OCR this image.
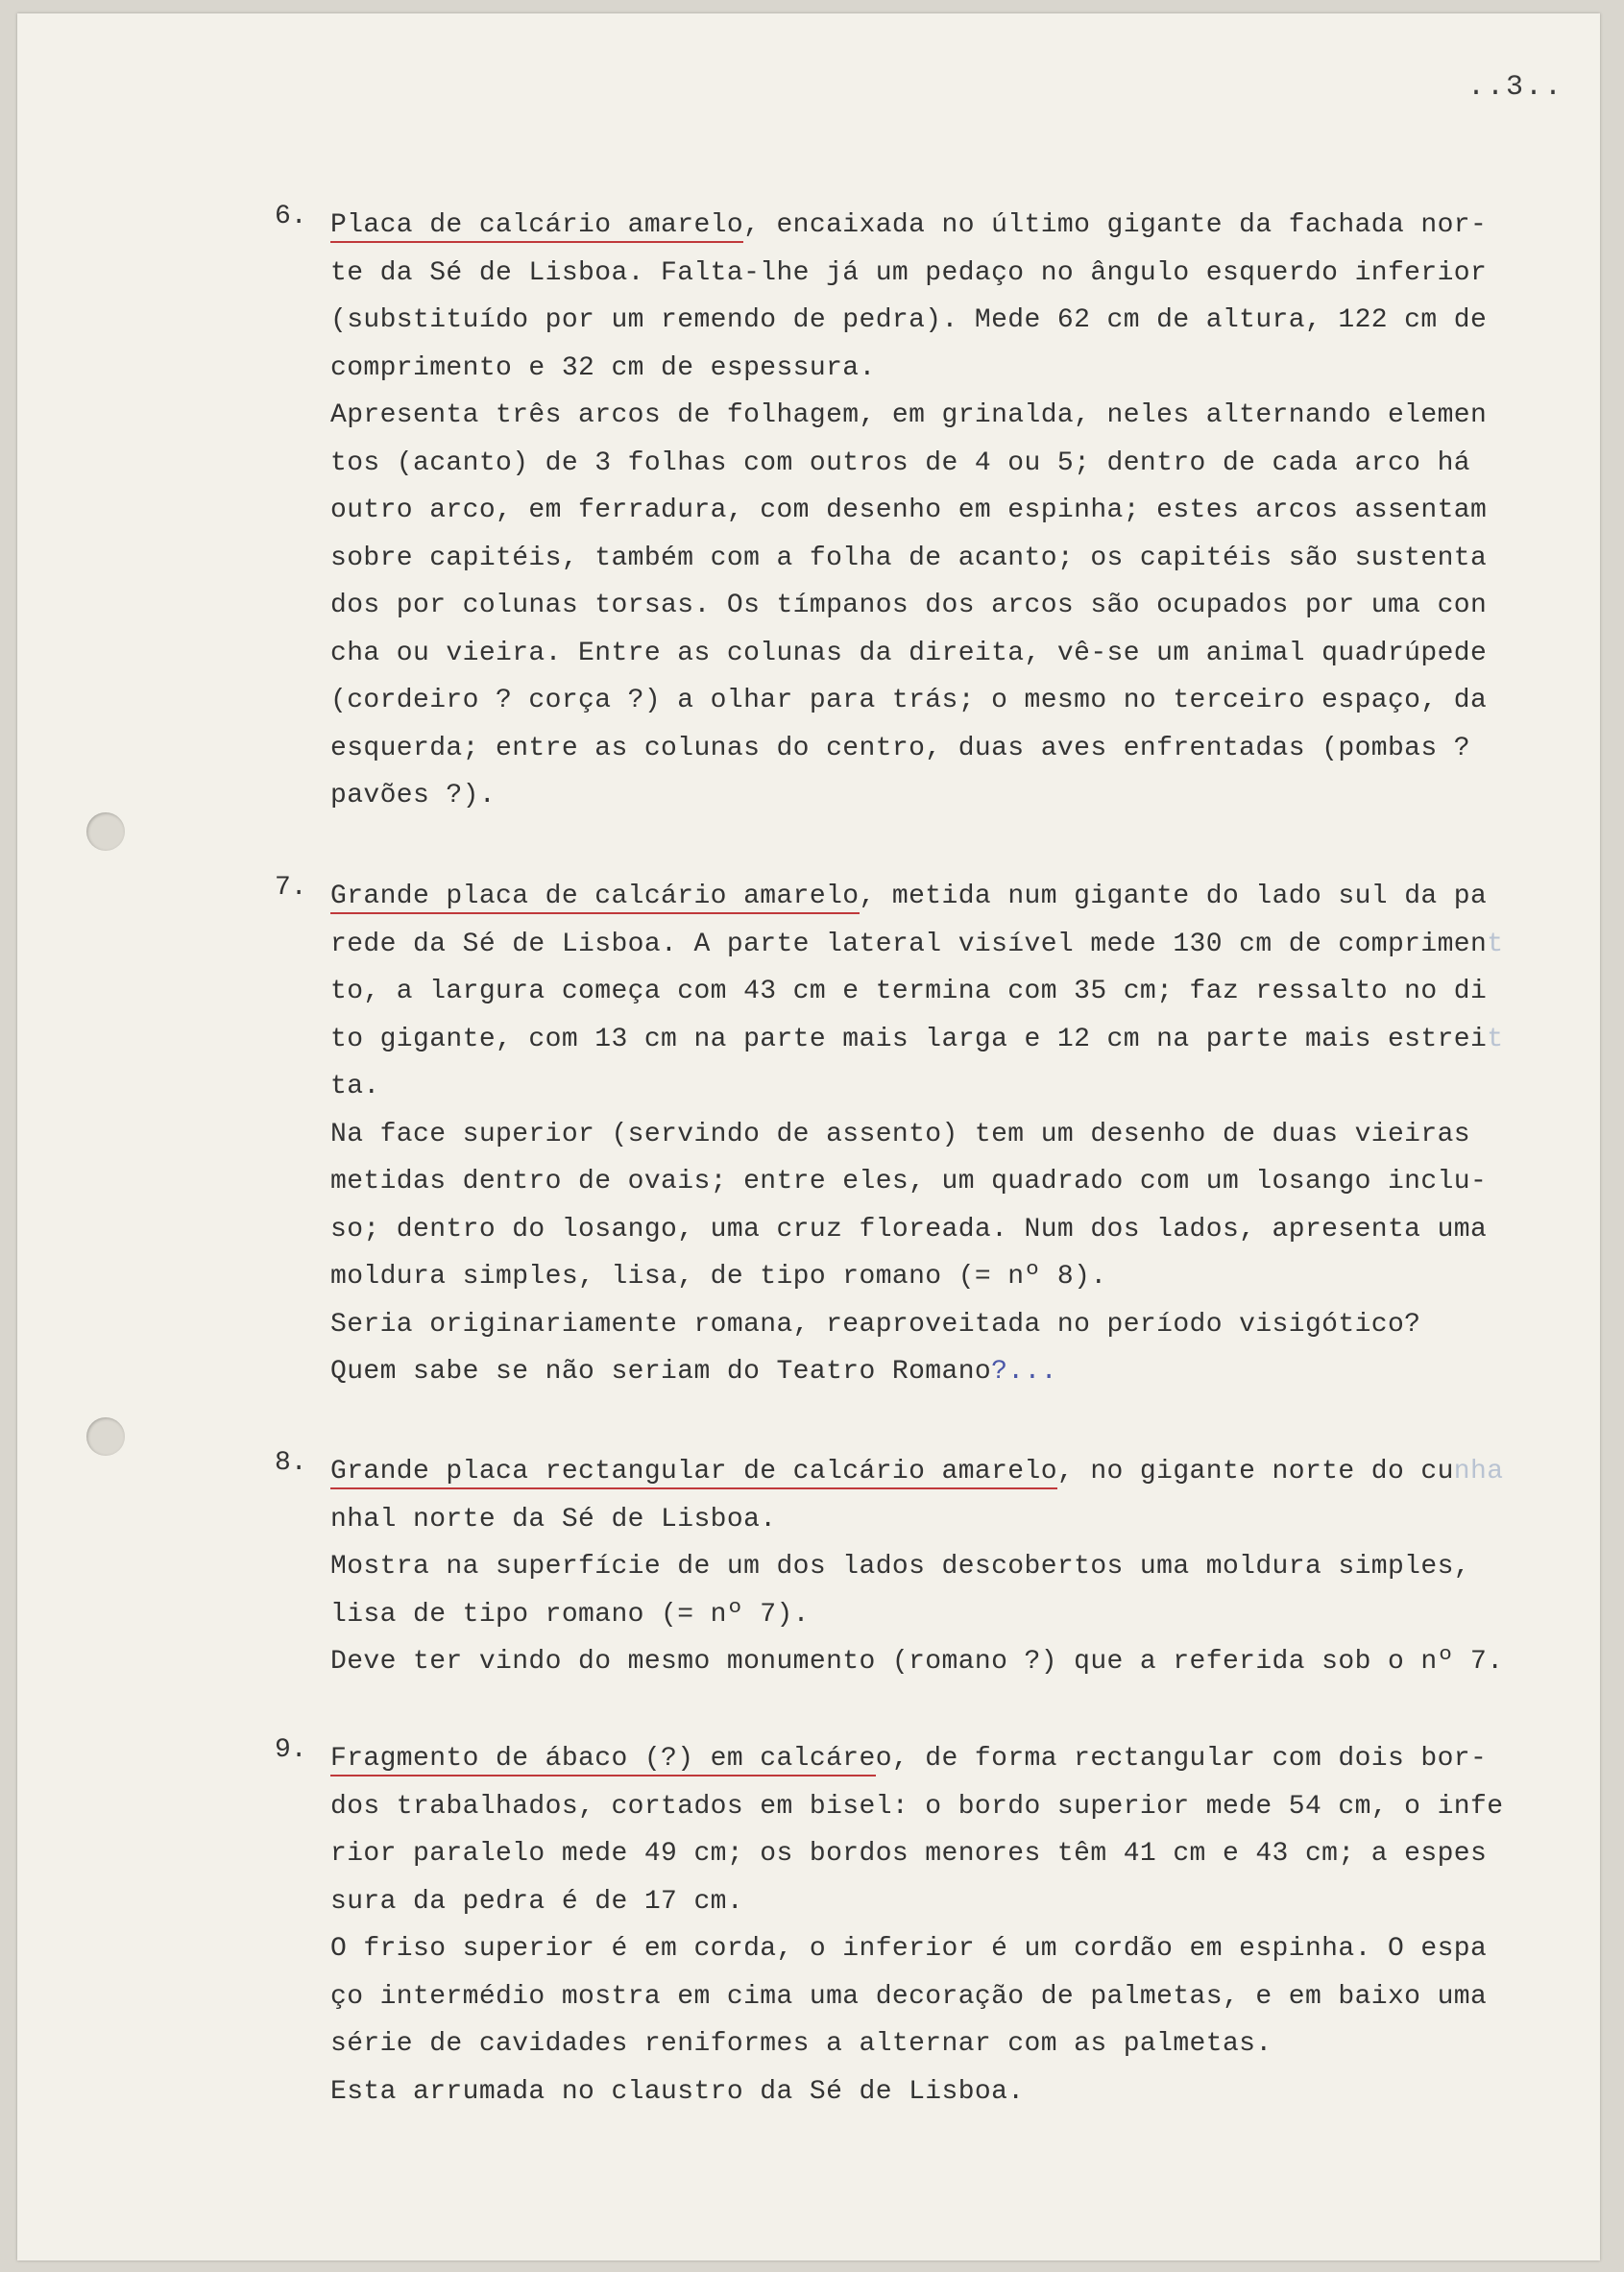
..3..
6. Placa de calcário amarelo, encaixada no último gigante da fachada nor-
te da Sé de Lisboa. Falta-lhe já um pedaço no ângulo esquerdo inferior
(substituído por um remendo de pedra). Mede 62 cm de altura, 122 cm de
comprimento e 32 cm de espessura.
Apresenta três arcos de folhagem, em grinalda, neles alternando elemen
tos (acanto) de 3 folhas com outros de 4 ou 5; dentro de cada arco há
outro arco, em ferradura, com desenho em espinha; estes arcos assentam
sobre capitéis, também com a folha de acanto; os capitéis são sustenta
dos por colunas torsas. Os tímpanos dos arcos são ocupados por uma con
cha ou vieira. Entre as colunas da direita, vê-se um animal quadrúpede
(cordeiro ? corça ?) a olhar para trás; o mesmo no terceiro espaço, da
esquerda; entre as colunas do centro, duas aves enfrentadas (pombas ?
pavões ?).
7. Grande placa de calcário amarelo, metida num gigante do lado sul da pa
rede da Sé de Lisboa. A parte lateral visível mede 130 cm de compriment
to, a largura começa com 43 cm e termina com 35 cm; faz ressalto no di
to gigante, com 13 cm na parte mais larga e 12 cm na parte mais estreit
ta.
Na face superior (servindo de assento) tem um desenho de duas vieiras
metidas dentro de ovais; entre eles, um quadrado com um losango inclu-
so; dentro do losango, uma cruz floreada. Num dos lados, apresenta uma
moldura simples, lisa, de tipo romano (= nº 8).
Seria originariamente romana, reaproveitada no período visigótico?
Quem sabe se não seriam do Teatro Romano?...
8. Grande placa rectangular de calcário amarelo, no gigante norte do cunha
nhal norte da Sé de Lisboa.
Mostra na superfície de um dos lados descobertos uma moldura simples,
lisa de tipo romano (= nº 7).
Deve ter vindo do mesmo monumento (romano ?) que a referida sob o nº 7.
9. Fragmento de ábaco (?) em calcáreo, de forma rectangular com dois bor-
dos trabalhados, cortados em bisel: o bordo superior mede 54 cm, o infe
rior paralelo mede 49 cm; os bordos menores têm 41 cm e 43 cm; a espes
sura da pedra é de 17 cm.
O friso superior é em corda, o inferior é um cordão em espinha. O espa
ço intermédio mostra em cima uma decoração de palmetas, e em baixo uma
série de cavidades reniformes a alternar com as palmetas.
Esta arrumada no claustro da Sé de Lisboa.
